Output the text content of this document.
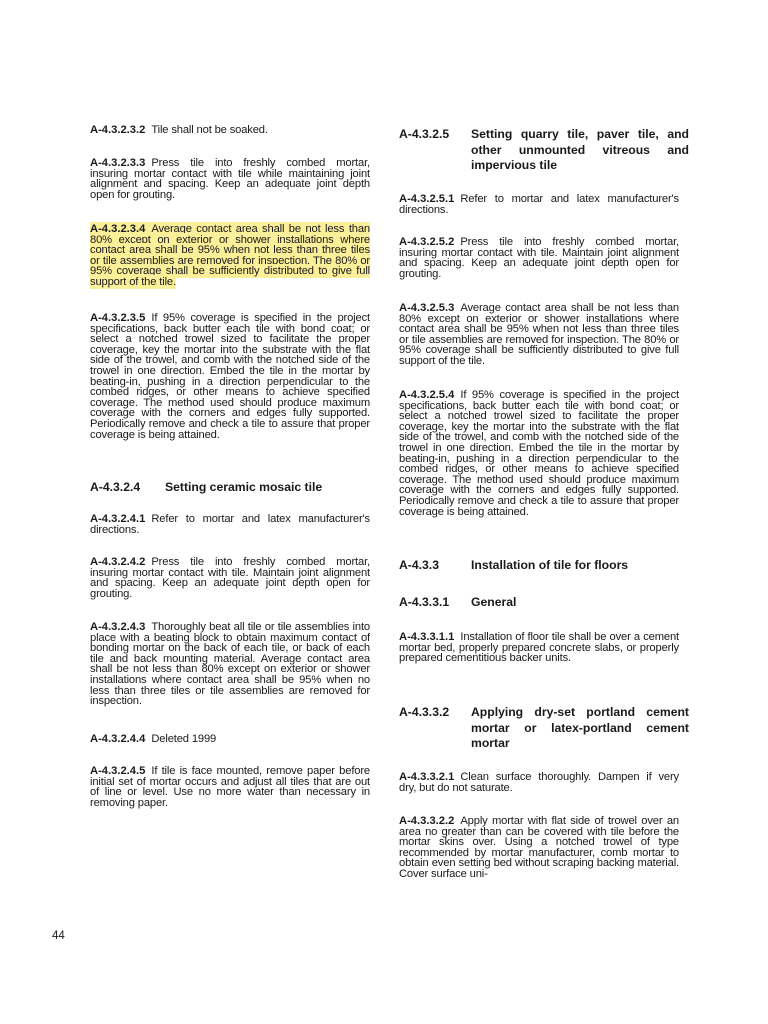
A-4.3.2.3.2 Tile shall not be soaked.

A-4.3.2.3.3 Press tile into freshly combed mortar, insuring mortar contact with tile while maintaining joint alignment and spacing. Keep an adequate joint depth open for grouting.

A-4.3.2.3.4 Average contact area shall be not less than 80% except on exterior or shower installations where contact area shall be 95% when not less than three tiles or tile assemblies are removed for inspection. The 80% or 95% coverage shall be sufficiently distributed to give full support of the tile.

A-4.3.2.3.5 If 95% coverage is specified in the project specifications, back butter each tile with bond coat; or select a notched trowel sized to facilitate the proper coverage, key the mortar into the substrate with the flat side of the trowel, and comb with the notched side of the trowel in one direction. Embed the tile in the mortar by beating-in, pushing in a direction perpendicular to the combed ridges, or other means to achieve specified coverage. The method used should produce maximum coverage with the corners and edges fully supported. Periodically remove and check a tile to assure that proper coverage is being attained.

A-4.3.2.4	Setting ceramic mosaic tile

A-4.3.2.4.1 Refer to mortar and latex manufacturer's directions.

A-4.3.2.4.2 Press tile into freshly combed mortar, insuring mortar contact with tile. Maintain joint alignment and spacing. Keep an adequate joint depth open for grouting.

A-4.3.2.4.3 Thoroughly beat all tile or tile assemblies into place with a beating block to obtain maximum contact of bonding mortar on the back of each tile, or back of each tile and back mounting material. Average contact area shall be not less than 80% except on exterior or shower installations where contact area shall be 95% when no less than three tiles or tile assemblies are removed for inspection.

A-4.3.2.4.4 Deleted 1999

A-4.3.2.4.5 If tile is face mounted, remove paper before initial set of mortar occurs and adjust all tiles that are out of line or level. Use no more water than necessary in removing paper.

A-4.3.2.5	Setting quarry tile, paver tile, and other unmounted vitreous and impervious tile

A-4.3.2.5.1 Refer to mortar and latex manufacturer's directions.

A-4.3.2.5.2 Press tile into freshly combed mortar, insuring mortar contact with tile. Maintain joint alignment and spacing. Keep an adequate joint depth open for grouting.

A-4.3.2.5.3 Average contact area shall be not less than 80% except on exterior or shower installations where contact area shall be 95% when not less than three tiles or tile assemblies are removed for inspection. The 80% or 95% coverage shall be sufficiently distributed to give full support of the tile.

A-4.3.2.5.4 If 95% coverage is specified in the project specifications, back butter each tile with bond coat; or select a notched trowel sized to facilitate the proper coverage, key the mortar into the substrate with the flat side of the trowel, and comb with the notched side of the trowel in one direction. Embed the tile in the mortar by beating-in, pushing in a direction perpendicular to the combed ridges, or other means to achieve specified coverage. The method used should produce maximum coverage with the corners and edges fully supported. Periodically remove and check a tile to assure that proper coverage is being attained.

A-4.3.3	Installation of tile for floors
A-4.3.3.1	General

A-4.3.3.1.1 Installation of floor tile shall be over a cement mortar bed, properly prepared concrete slabs, or properly prepared cementitious backer units.

A-4.3.3.2	Applying dry-set portland cement mortar or latex-portland cement mortar

A-4.3.3.2.1 Clean surface thoroughly. Dampen if very dry, but do not saturate.

A-4.3.3.2.2 Apply mortar with flat side of trowel over an area no greater than can be covered with tile before the mortar skins over. Using a notched trowel of type recommended by mortar manufacturer, comb mortar to obtain even setting bed without scraping backing material. Cover surface uni-

44
